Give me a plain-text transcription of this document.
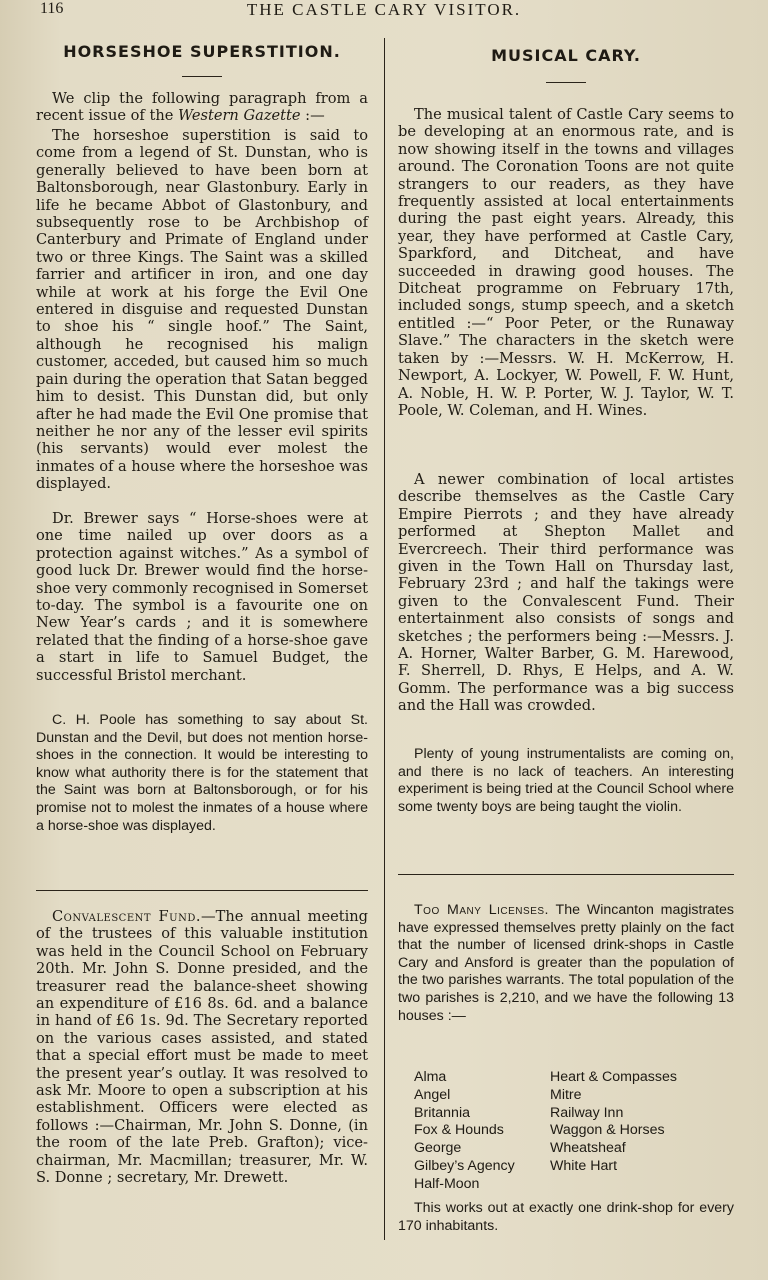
116	THE CASTLE CARY VISITOR.
HORSESHOE SUPERSTITION.

We clip the following paragraph from a recent issue of the Western Gazette :—

The horseshoe superstition is said to come from a legend of St. Dunstan, who is generally believed to have been born at Baltonsborough, near Glastonbury. Early in life he became Abbot of Glastonbury, and subsequently rose to be Archbishop of Canterbury and Primate of England under two or three Kings. The Saint was a skilled farrier and artificer in iron, and one day while at work at his forge the Evil One entered in disguise and requested Dunstan to shoe his “ single hoof.” The Saint, although he recognised his malign customer, acceded, but caused him so much pain during the operation that Satan begged him to desist. This Dunstan did, but only after he had made the Evil One promise that neither he nor any of the lesser evil spirits (his servants) would ever molest the inmates of a house where the horseshoe was displayed.

Dr. Brewer says “ Horse-shoes were at one time nailed up over doors as a protection against witches.” As a symbol of good luck Dr. Brewer would find the horse-shoe very commonly recognised in Somerset to-day. The symbol is a favourite one on New Year’s cards ; and it is somewhere related that the finding of a horse-shoe gave a start in life to Samuel Budget, the successful Bristol merchant.

C. H. Poole has something to say about St. Dunstan and the Devil, but does not mention horse-shoes in the connection. It would be interesting to know what authority there is for the statement that the Saint was born at Baltonsborough, or for his promise not to molest the inmates of a house where a horse-shoe was displayed.

Convalescent Fund.—The annual meeting of the trustees of this valuable institution was held in the Council School on February 20th. Mr. John S. Donne presided, and the treasurer read the balance-sheet showing an expenditure of £16 8s. 6d. and a balance in hand of £6 1s. 9d. The Secretary reported on the various cases assisted, and stated that a special effort must be made to meet the present year’s outlay. It was resolved to ask Mr. Moore to open a subscription at his establishment. Officers were elected as follows :—Chairman, Mr. John S. Donne, (in the room of the late Preb. Grafton); vice-chairman, Mr. Macmillan; treasurer, Mr. W. S. Donne ; secretary, Mr. Drewett.

MUSICAL CARY.

The musical talent of Castle Cary seems to be developing at an enormous rate, and is now showing itself in the towns and villages around. The Coronation Toons are not quite strangers to our readers, as they have frequently assisted at local entertainments during the past eight years. Already, this year, they have performed at Castle Cary, Sparkford, and Ditcheat, and have succeeded in drawing good houses. The Ditcheat programme on February 17th, included songs, stump speech, and a sketch entitled :—“ Poor Peter, or the Runaway Slave.” The characters in the sketch were taken by :—Messrs. W. H. McKerrow, H. Newport, A. Lockyer, W. Powell, F. W. Hunt, A. Noble, H. W. P. Porter, W. J. Taylor, W. T. Poole, W. Coleman, and H. Wines.

A newer combination of local artistes describe themselves as the Castle Cary Empire Pierrots ; and they have already performed at Shepton Mallet and Evercreech. Their third performance was given in the Town Hall on Thursday last, February 23rd ; and half the takings were given to the Convalescent Fund. Their entertainment also consists of songs and sketches ; the performers being :—Messrs. J. A. Horner, Walter Barber, G. M. Harewood, F. Sherrell, D. Rhys, E Helps, and A. W. Gomm. The performance was a big success and the Hall was crowded.

Plenty of young instrumentalists are coming on, and there is no lack of teachers. An interesting experiment is being tried at the Council School where some twenty boys are being taught the violin.

Too Many Licenses. The Wincanton magistrates have expressed themselves pretty plainly on the fact that the number of licensed drink-shops in Castle Cary and Ansford is greater than the population of the two parishes warrants. The total population of the two parishes is 2,210, and we have the following 13 houses :—

Alma	Heart & Compasses
Angel	Mitre
Britannia	Railway Inn
Fox & Hounds	Waggon & Horses
George	Wheatsheaf
Gilbey’s Agency	White Hart
Half-Moon

This works out at exactly one drink-shop for every 170 inhabitants.
